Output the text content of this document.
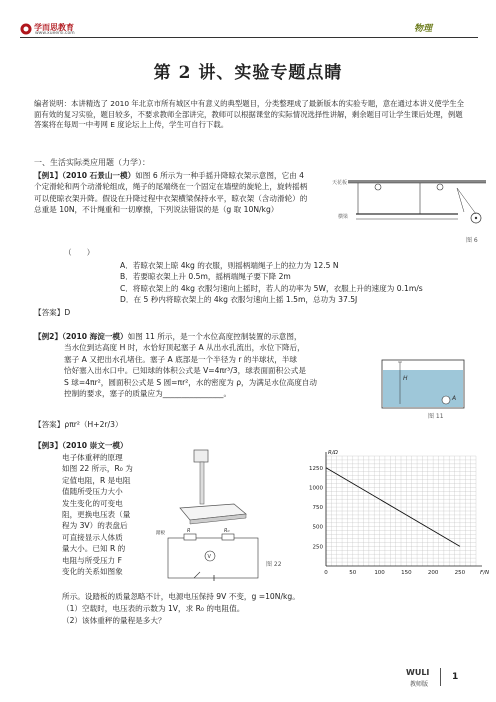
学而思教育
www.xueersi.com	物理
第 2 讲、实验专题点睛
编者说明：本讲精选了 2010 年北京市所有城区中有意义的典型题目，分类整理成了最新版本的实验专题，意在通过本讲义使学生全面有效的复习实验，题目较多，不要求教师全部讲完，教师可以根据课堂的实际情况选择性讲解，剩余题目可让学生课后处理，例题答案将在每周一中考网 E 度论坛上上传，学生可自行下载。
一、生活实际类应用题（力学）：
【例1】（2010 石景山一模）如图 6 所示为一种手摇升降晾衣架示意图，它由 4 个定滑轮和两个动滑轮组成，绳子的尾端绕在一个固定在墙壁的旋轮上，旋转摇柄可以使晾衣架升降。假设在升降过程中衣架横梁保持水平，晾衣架（含动滑轮）的总重是 10N，不计绳重和一切摩擦，下列说法错误的是（g 取 10N/kg）
（　　）
A．若晾衣架上晾 4kg 的衣服，则摇柄端绳子上的拉力为 12.5 N
B．若要晾衣架上升 0.5m，摇柄端绳子要下降 2m
C．将晾衣架上的 4kg 衣服匀速向上摇时，若人的功率为 5W，衣服上升的速度为 0.1m/s
D．在 5 秒内将晾衣架上的 4kg 衣服匀速向上摇 1.5m，总功为 37.5J
【答案】D
天花板
横梁
图 6
【例2】（2010 海淀一模）如图 11 所示，是一个水位高度控制装置的示意图，
当水位到达高度 H 时，水恰好顶起塞子 A 从出水孔流出，水位下降后，
塞子 A 又把出水孔堵住。塞子 A 底部是一个半径为 r 的半球状，半球
恰好塞入出水口中。已知球的体积公式是 V=4πr³/3，球表面面积公式是
S 球=4πr²，圆面积公式是 S 圆=πr²，水的密度为 ρ，为满足水位高度自动
控制的要求，塞子的质量应为________________。
【答案】ρπr²（H+2r/3）
H
A
图 11
【例3】（2010 崇文一模）
电子体重秤的原理
如图 22 所示，R₀ 为
定值电阻，R 是电阻
值随所受压力大小
发生变化的可变电
阻，更换电压表（量
程为 3V）的表盘后
可直接显示人体质
量大小。已知 R 的
电阻与所受压力 F
变化的关系如图象
所示。设踏板的质量忽略不计，电源电压保持 9V 不变，g =10N/kg。
（1）空载时，电压表的示数为 1V，求 R₀ 的电阻值。
（2）该体重秤的量程是多大？
V
R	R₀
踏板
图 22
0	50	100	150	200	250
250
500
750
1000
1250
F/N
R/Ω
WULI
教师版
1
